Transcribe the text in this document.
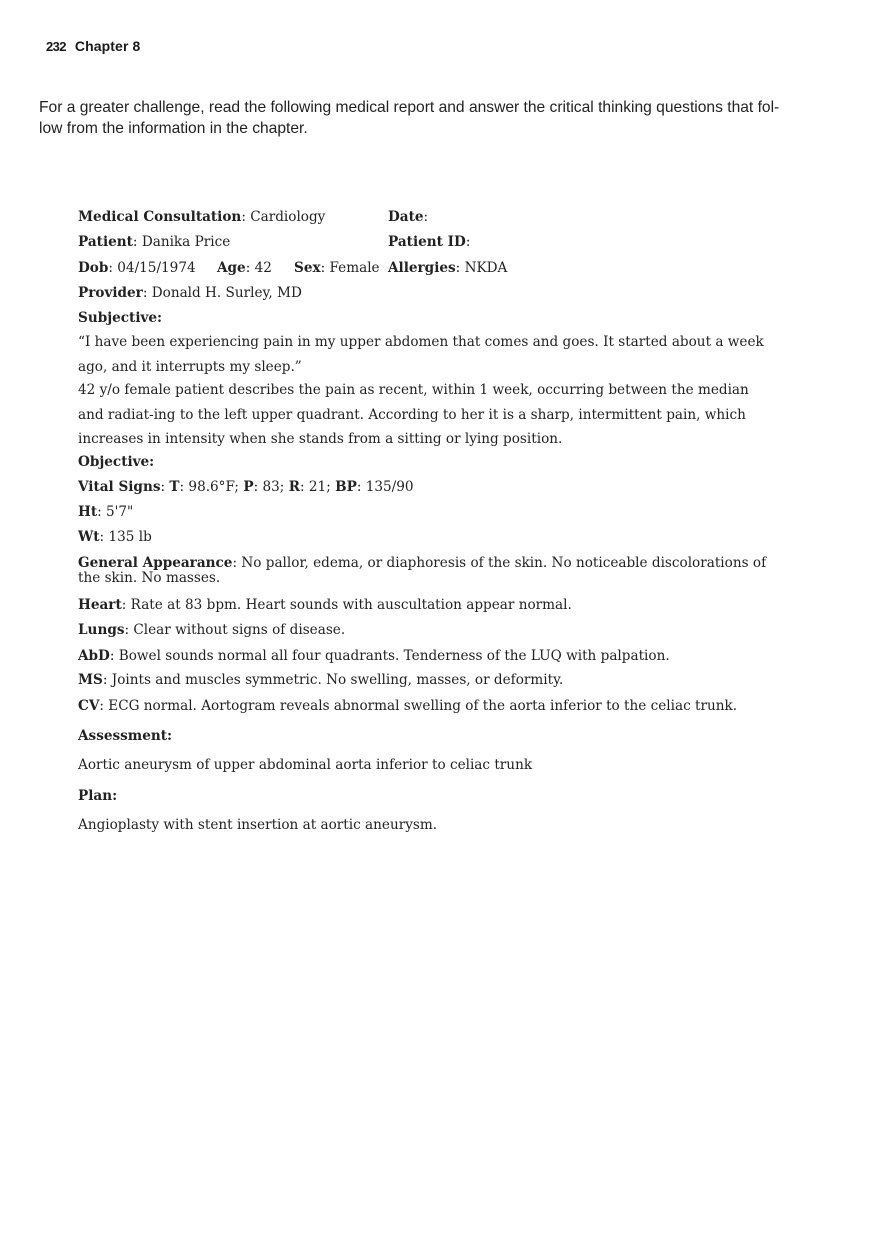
232 Chapter 8
For a greater challenge, read the following medical report and answer the critical thinking questions that fol-
low from the information in the chapter.
Medical Consultation: Cardiology	Date:
Patient: Danika Price	Patient ID:
Dob: 04/15/1974 Age: 42 Sex: Female Allergies: NKDA
Provider: Donald H. Surley, MD
Subjective:
“I have been experiencing pain in my upper abdomen that comes and goes. It started about a week ago, and it interrupts my sleep.”
42 y/o female patient describes the pain as recent, within 1 week, occurring between the median and radiat-ing to the left upper quadrant. According to her it is a sharp, intermittent pain, which increases in intensity when she stands from a sitting or lying position.
Objective:
Vital Signs: T: 98.6°F; P: 83; R: 21; BP: 135/90
Ht: 5'7"
Wt: 135 lb
General Appearance: No pallor, edema, or diaphoresis of the skin. No noticeable discolorations of the skin. No masses.
Heart: Rate at 83 bpm. Heart sounds with auscultation appear normal.
Lungs: Clear without signs of disease.
AbD: Bowel sounds normal all four quadrants. Tenderness of the LUQ with palpation.
MS: Joints and muscles symmetric. No swelling, masses, or deformity.
CV: ECG normal. Aortogram reveals abnormal swelling of the aorta inferior to the celiac trunk.
Assessment:
Aortic aneurysm of upper abdominal aorta inferior to celiac trunk
Plan:
Angioplasty with stent insertion at aortic aneurysm.
